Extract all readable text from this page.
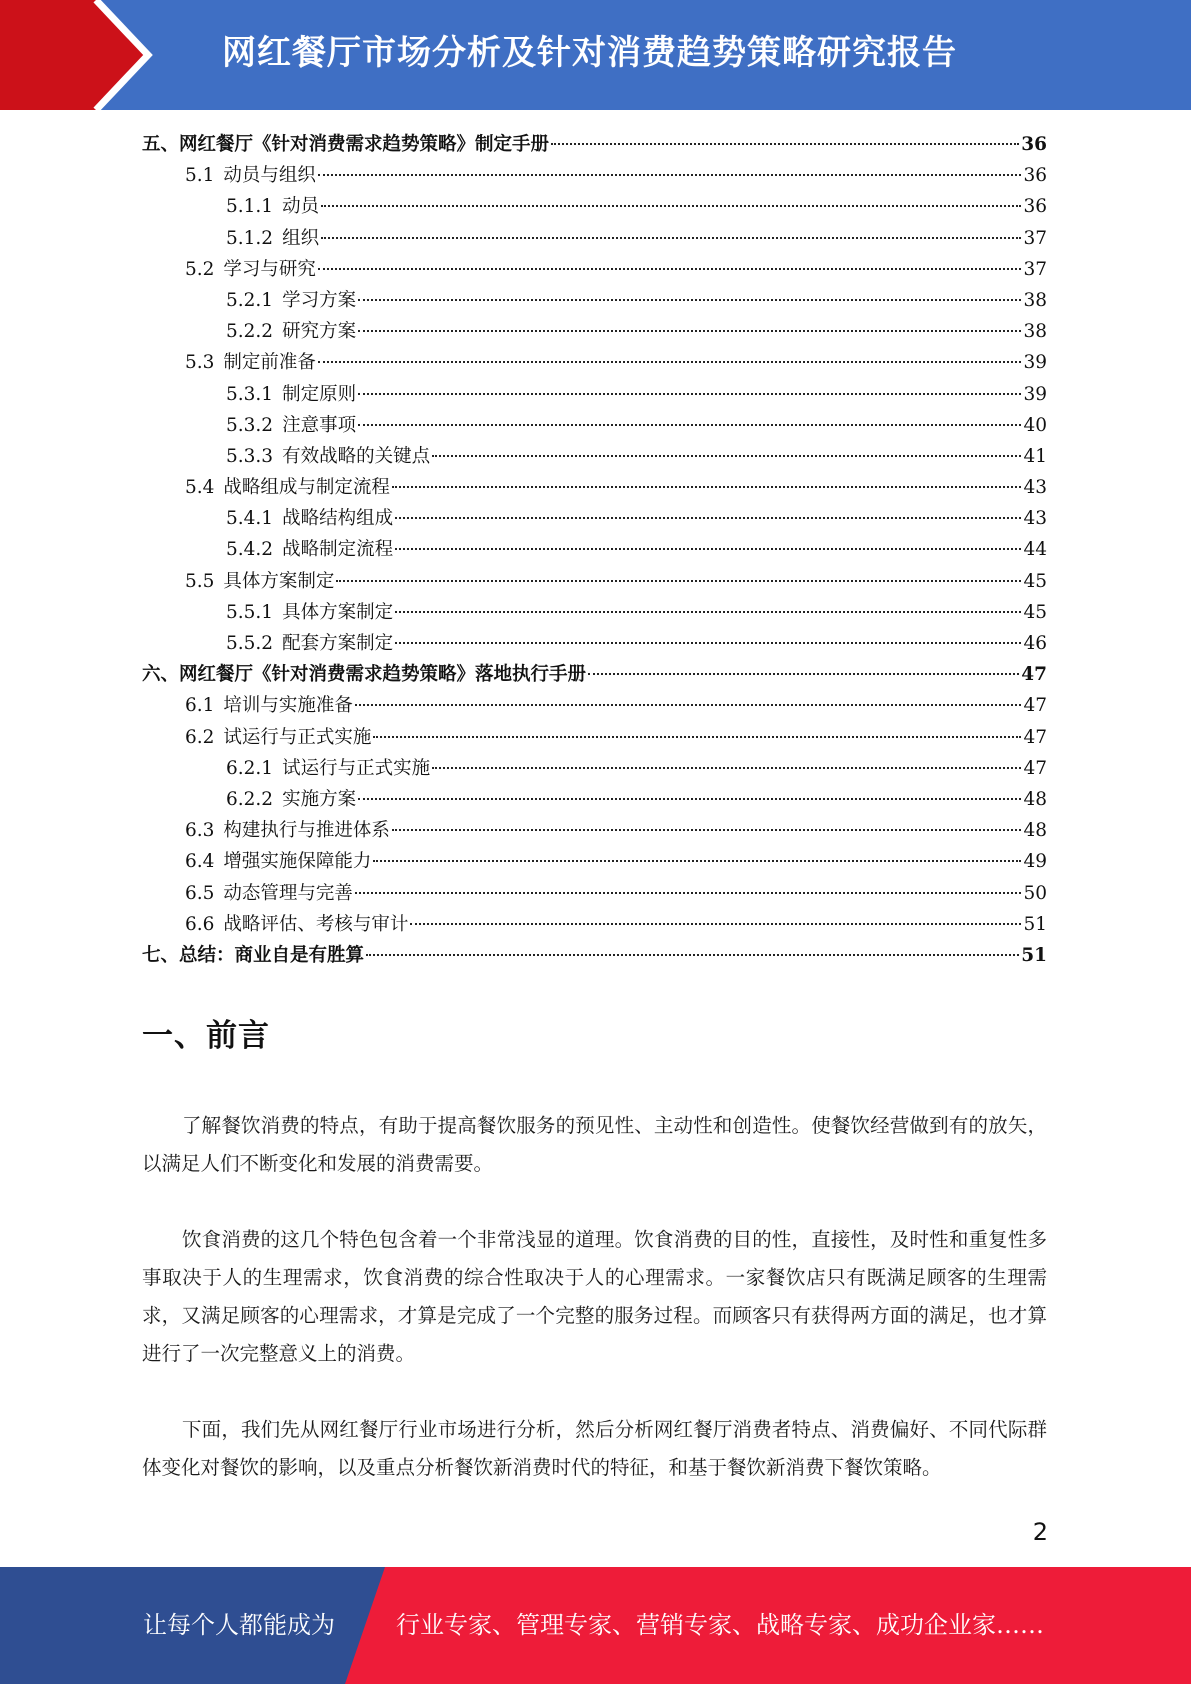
网红餐厅市场分析及针对消费趋势策略研究报告
五、网红餐厅《针对消费需求趋势策略》制定手册	36
5.1 动员与组织	36
5.1.1 动员	36
5.1.2 组织	37
5.2 学习与研究	37
5.2.1 学习方案	38
5.2.2 研究方案	38
5.3 制定前准备	39
5.3.1 制定原则	39
5.3.2 注意事项	40
5.3.3 有效战略的关键点	41
5.4 战略组成与制定流程	43
5.4.1 战略结构组成	43
5.4.2 战略制定流程	44
5.5 具体方案制定	45
5.5.1 具体方案制定	45
5.5.2 配套方案制定	46
六、网红餐厅《针对消费需求趋势策略》落地执行手册	47
6.1 培训与实施准备	47
6.2 试运行与正式实施	47
6.2.1 试运行与正式实施	47
6.2.2 实施方案	48
6.3 构建执行与推进体系	48
6.4 增强实施保障能力	49
6.5 动态管理与完善	50
6.6 战略评估、考核与审计	51
七、总结：商业自是有胜算	51
一、前言

了解餐饮消费的特点，有助于提高餐饮服务的预见性、主动性和创造性。使餐饮经营做到有的放矢，以满足人们不断变化和发展的消费需要。

饮食消费的这几个特色包含着一个非常浅显的道理。饮食消费的目的性，直接性，及时性和重复性多事取决于人的生理需求，饮食消费的综合性取决于人的心理需求。一家餐饮店只有既满足顾客的生理需求，又满足顾客的心理需求，才算是完成了一个完整的服务过程。而顾客只有获得两方面的满足，也才算进行了一次完整意义上的消费。

下面，我们先从网红餐厅行业市场进行分析，然后分析网红餐厅消费者特点、消费偏好、不同代际群体变化对餐饮的影响，以及重点分析餐饮新消费时代的特征，和基于餐饮新消费下餐饮策略。

2
让每个人都能成为	行业专家、管理专家、营销专家、战略专家、成功企业家……
